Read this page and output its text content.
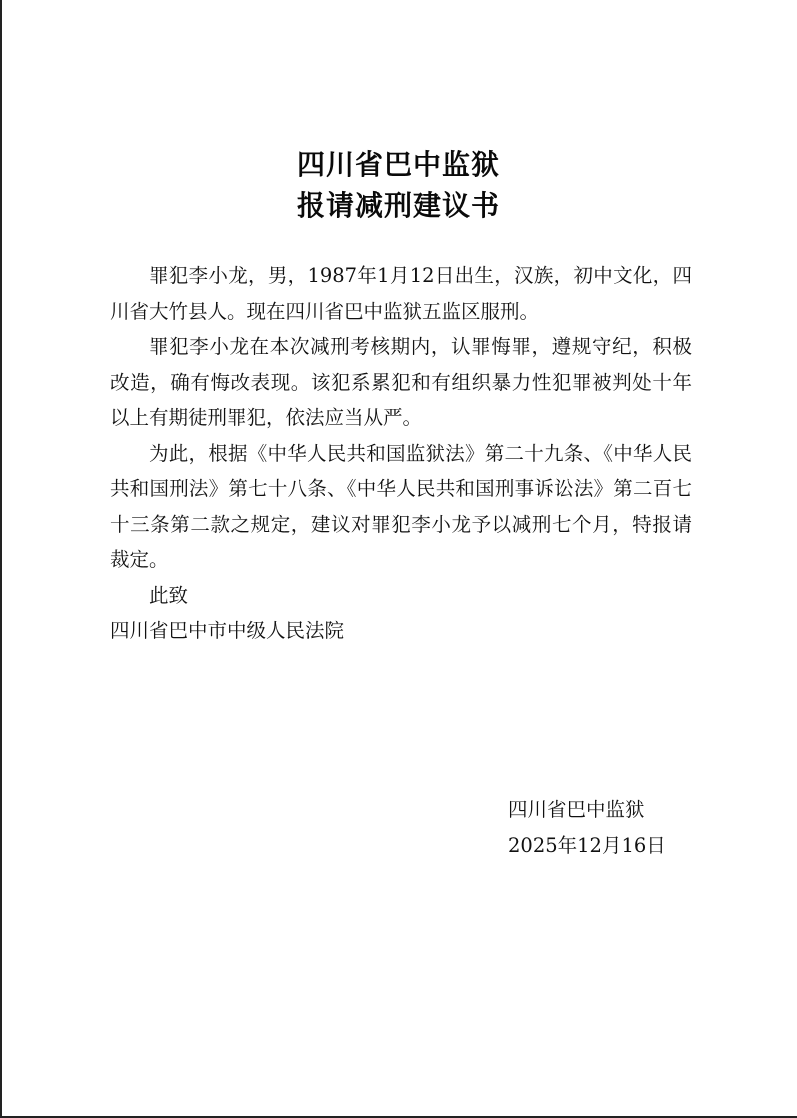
四川省巴中监狱
报请减刑建议书

罪犯李小龙，男，1987年1月12日出生，汉族，初中文化，四川省大竹县人。现在四川省巴中监狱五监区服刑。

罪犯李小龙在本次减刑考核期内，认罪悔罪，遵规守纪，积极改造，确有悔改表现。该犯系累犯和有组织暴力性犯罪被判处十年以上有期徒刑罪犯，依法应当从严。

为此，根据《中华人民共和国监狱法》第二十九条、《中华人民共和国刑法》第七十八条、《中华人民共和国刑事诉讼法》第二百七十三条第二款之规定，建议对罪犯李小龙予以减刑七个月，特报请裁定。

此致

四川省巴中市中级人民法院

四川省巴中监狱
2025年12月16日
